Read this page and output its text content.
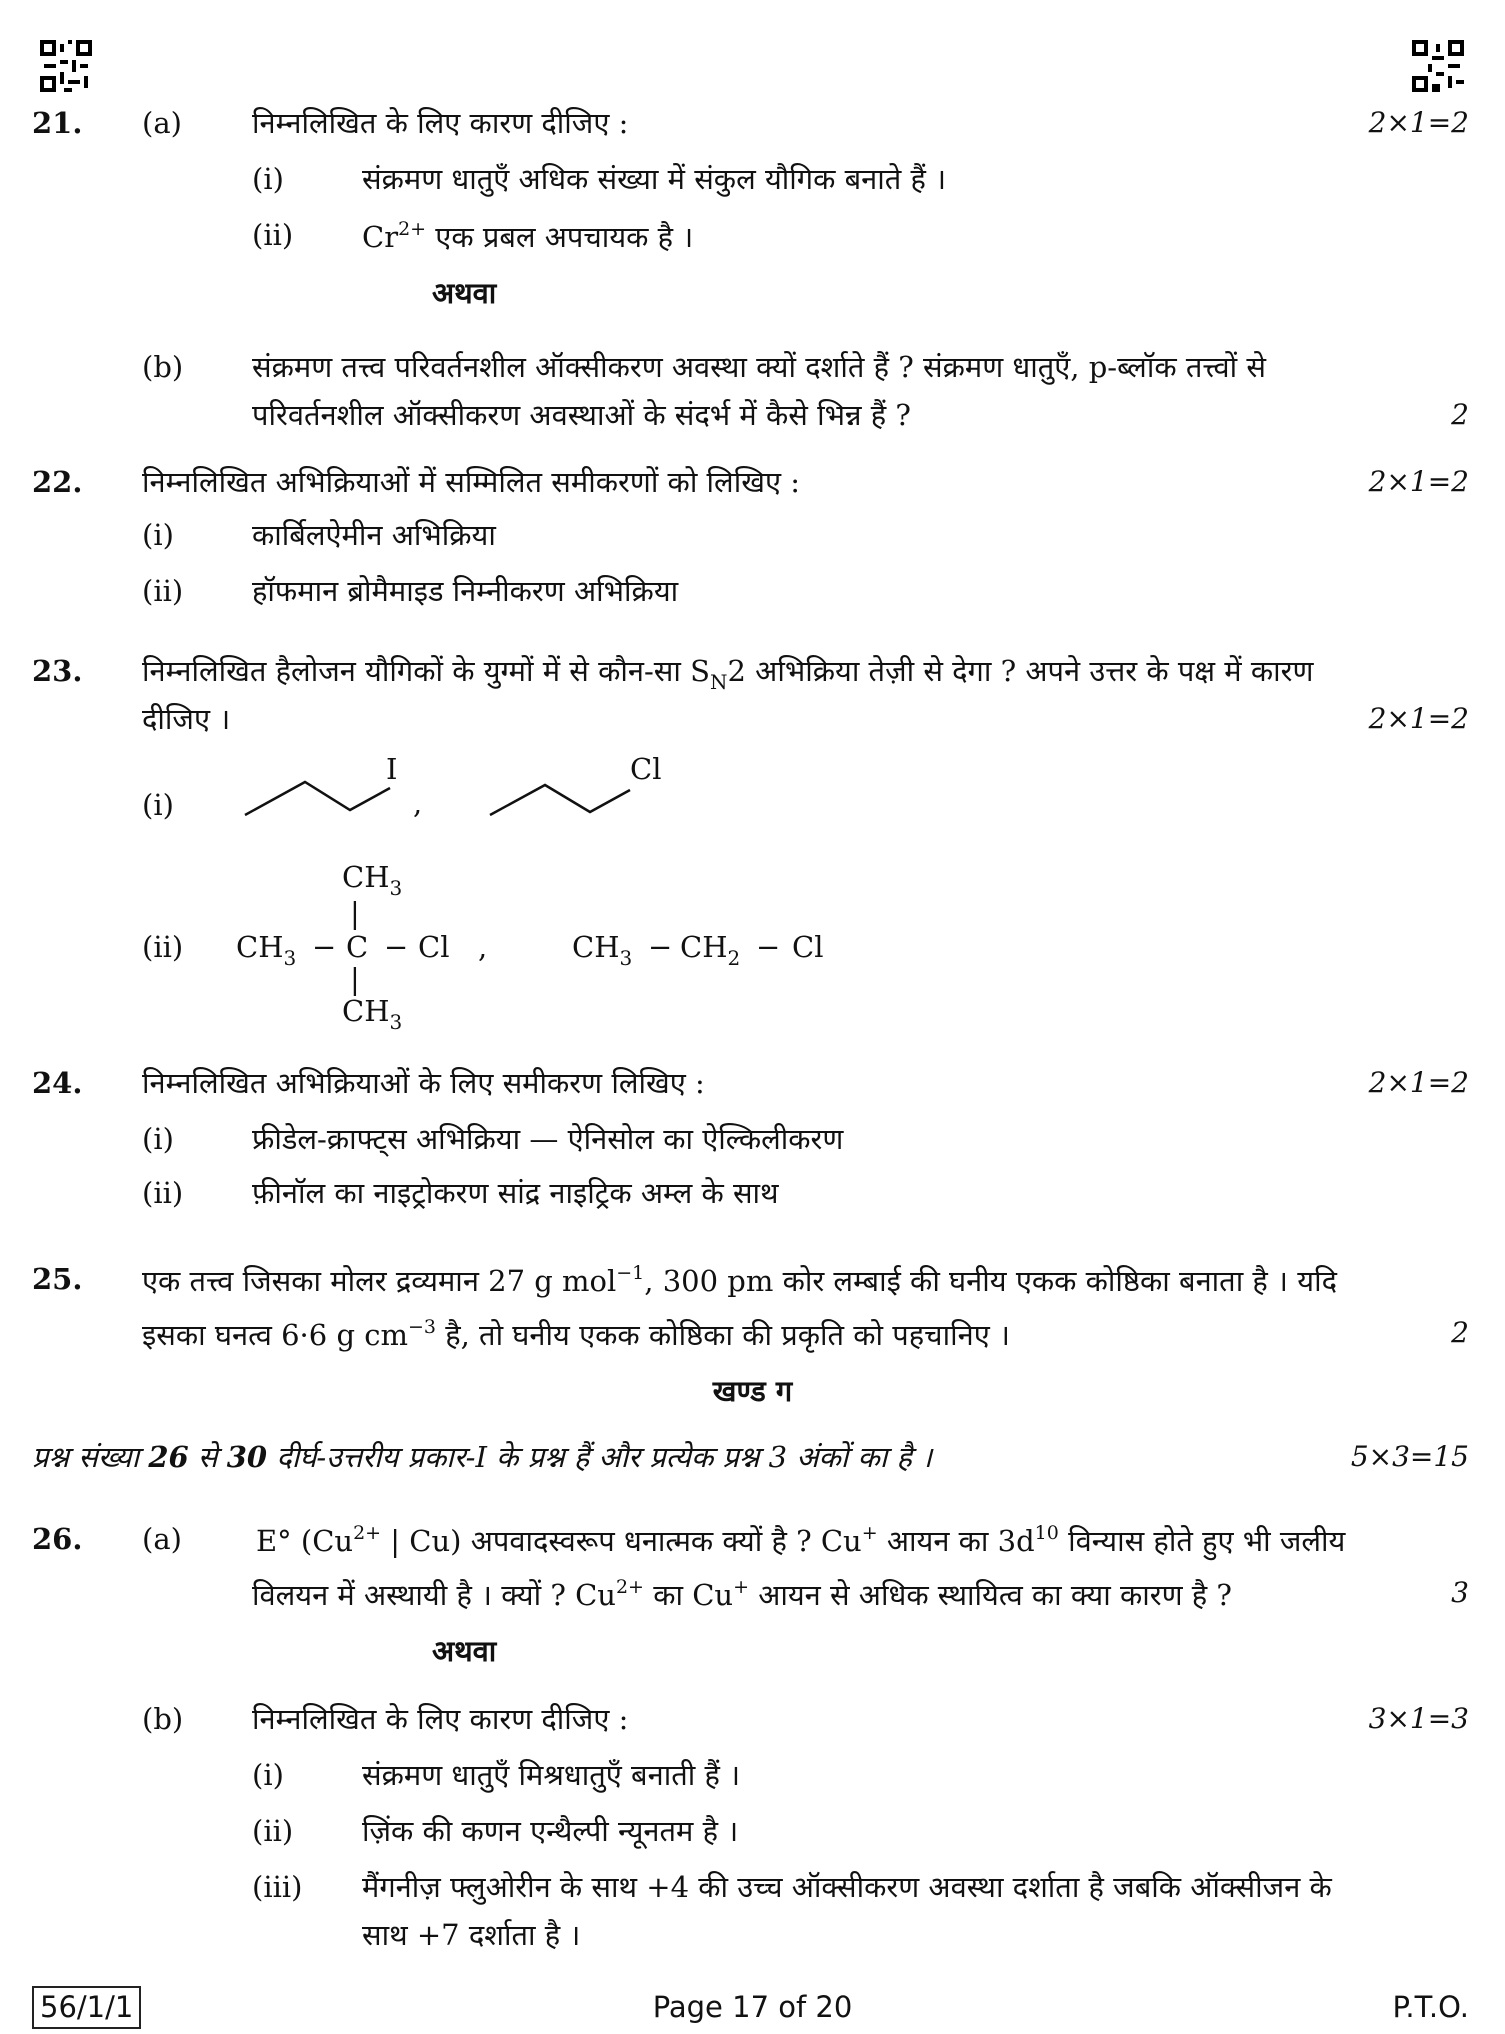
21. (a) निम्नलिखित के लिए कारण दीजिए :	2×1=2
(i)	संक्रमण धातुएँ अधिक संख्या में संकुल यौगिक बनाते हैं ।
(ii) $Cr^{2+}$ एक प्रबल अपचायक है ।
अथवा
(b) संक्रमण तत्त्व परिवर्तनशील ऑक्सीकरण अवस्था क्यों दर्शाते हैं ? संक्रमण धातुएँ, p-ब्लॉक तत्त्वों से
परिवर्तनशील ऑक्सीकरण अवस्थाओं के संदर्भ में कैसे भिन्न हैं ?	2
22. निम्नलिखित अभिक्रियाओं में सम्मिलित समीकरणों को लिखिए :	2×1=2
(i)	कार्बिलऐमीन अभिक्रिया
(ii) हॉफमान ब्रोमैमाइड निम्नीकरण अभिक्रिया
23. निम्नलिखित हैलोजन यौगिकों के युग्मों में से कौन-सा $S_N2$ अभिक्रिया तेज़ी से देगा ? अपने उत्तर के पक्ष में कारण
दीजिए ।	2×1=2
(i)
I
,
Cl
(ii)
$CH_3$
|
$CH_3 - C - Cl$ ,
|
$CH_3$
$CH_3 - CH_2 - Cl$
24. निम्नलिखित अभिक्रियाओं के लिए समीकरण लिखिए :	2×1=2
(i)	फ्रीडेल-क्राफ्ट्स अभिक्रिया — ऐनिसोल का ऐल्किलीकरण
(ii) फ़ीनॉल का नाइट्रोकरण सांद्र नाइट्रिक अम्ल के साथ
25. एक तत्त्व जिसका मोलर द्रव्यमान 27 g mol$^{-1}$, 300 pm कोर लम्बाई की घनीय एकक कोष्ठिका बनाता है । यदि
इसका घनत्व 6·6 g $cm^{-3}$ है, तो घनीय एकक कोष्ठिका की प्रकृति को पहचानिए ।	2
खण्ड ग
प्रश्न संख्या 26 से 30 दीर्घ-उत्तरीय प्रकार-I के प्रश्न हैं और प्रत्येक प्रश्न 3 अंकों का है ।	5×3=15
26. (a)	E° ($Cu^{2+}$ | Cu) अपवादस्वरूप धनात्मक क्यों है ? Cu+ आयन का $3d^{10}$ विन्यास होते हुए भी जलीय
विलयन में अस्थायी है । क्यों ? $Cu^{2+}$ का Cu+ आयन से अधिक स्थायित्व का क्या कारण है ?	3
अथवा
(b) निम्नलिखित के लिए कारण दीजिए :	3×1=3
(i)	संक्रमण धातुएँ मिश्रधातुएँ बनाती हैं ।
(ii) ज़िंक की कणन एन्थैल्पी न्यूनतम है ।
(iii) मैंगनीज़ फ्लुओरीन के साथ +4 की उच्च ऑक्सीकरण अवस्था दर्शाता है जबकि ऑक्सीजन के
साथ +7 दर्शाता है ।
56/1/1	Page 17 of 20	P.T.O.
